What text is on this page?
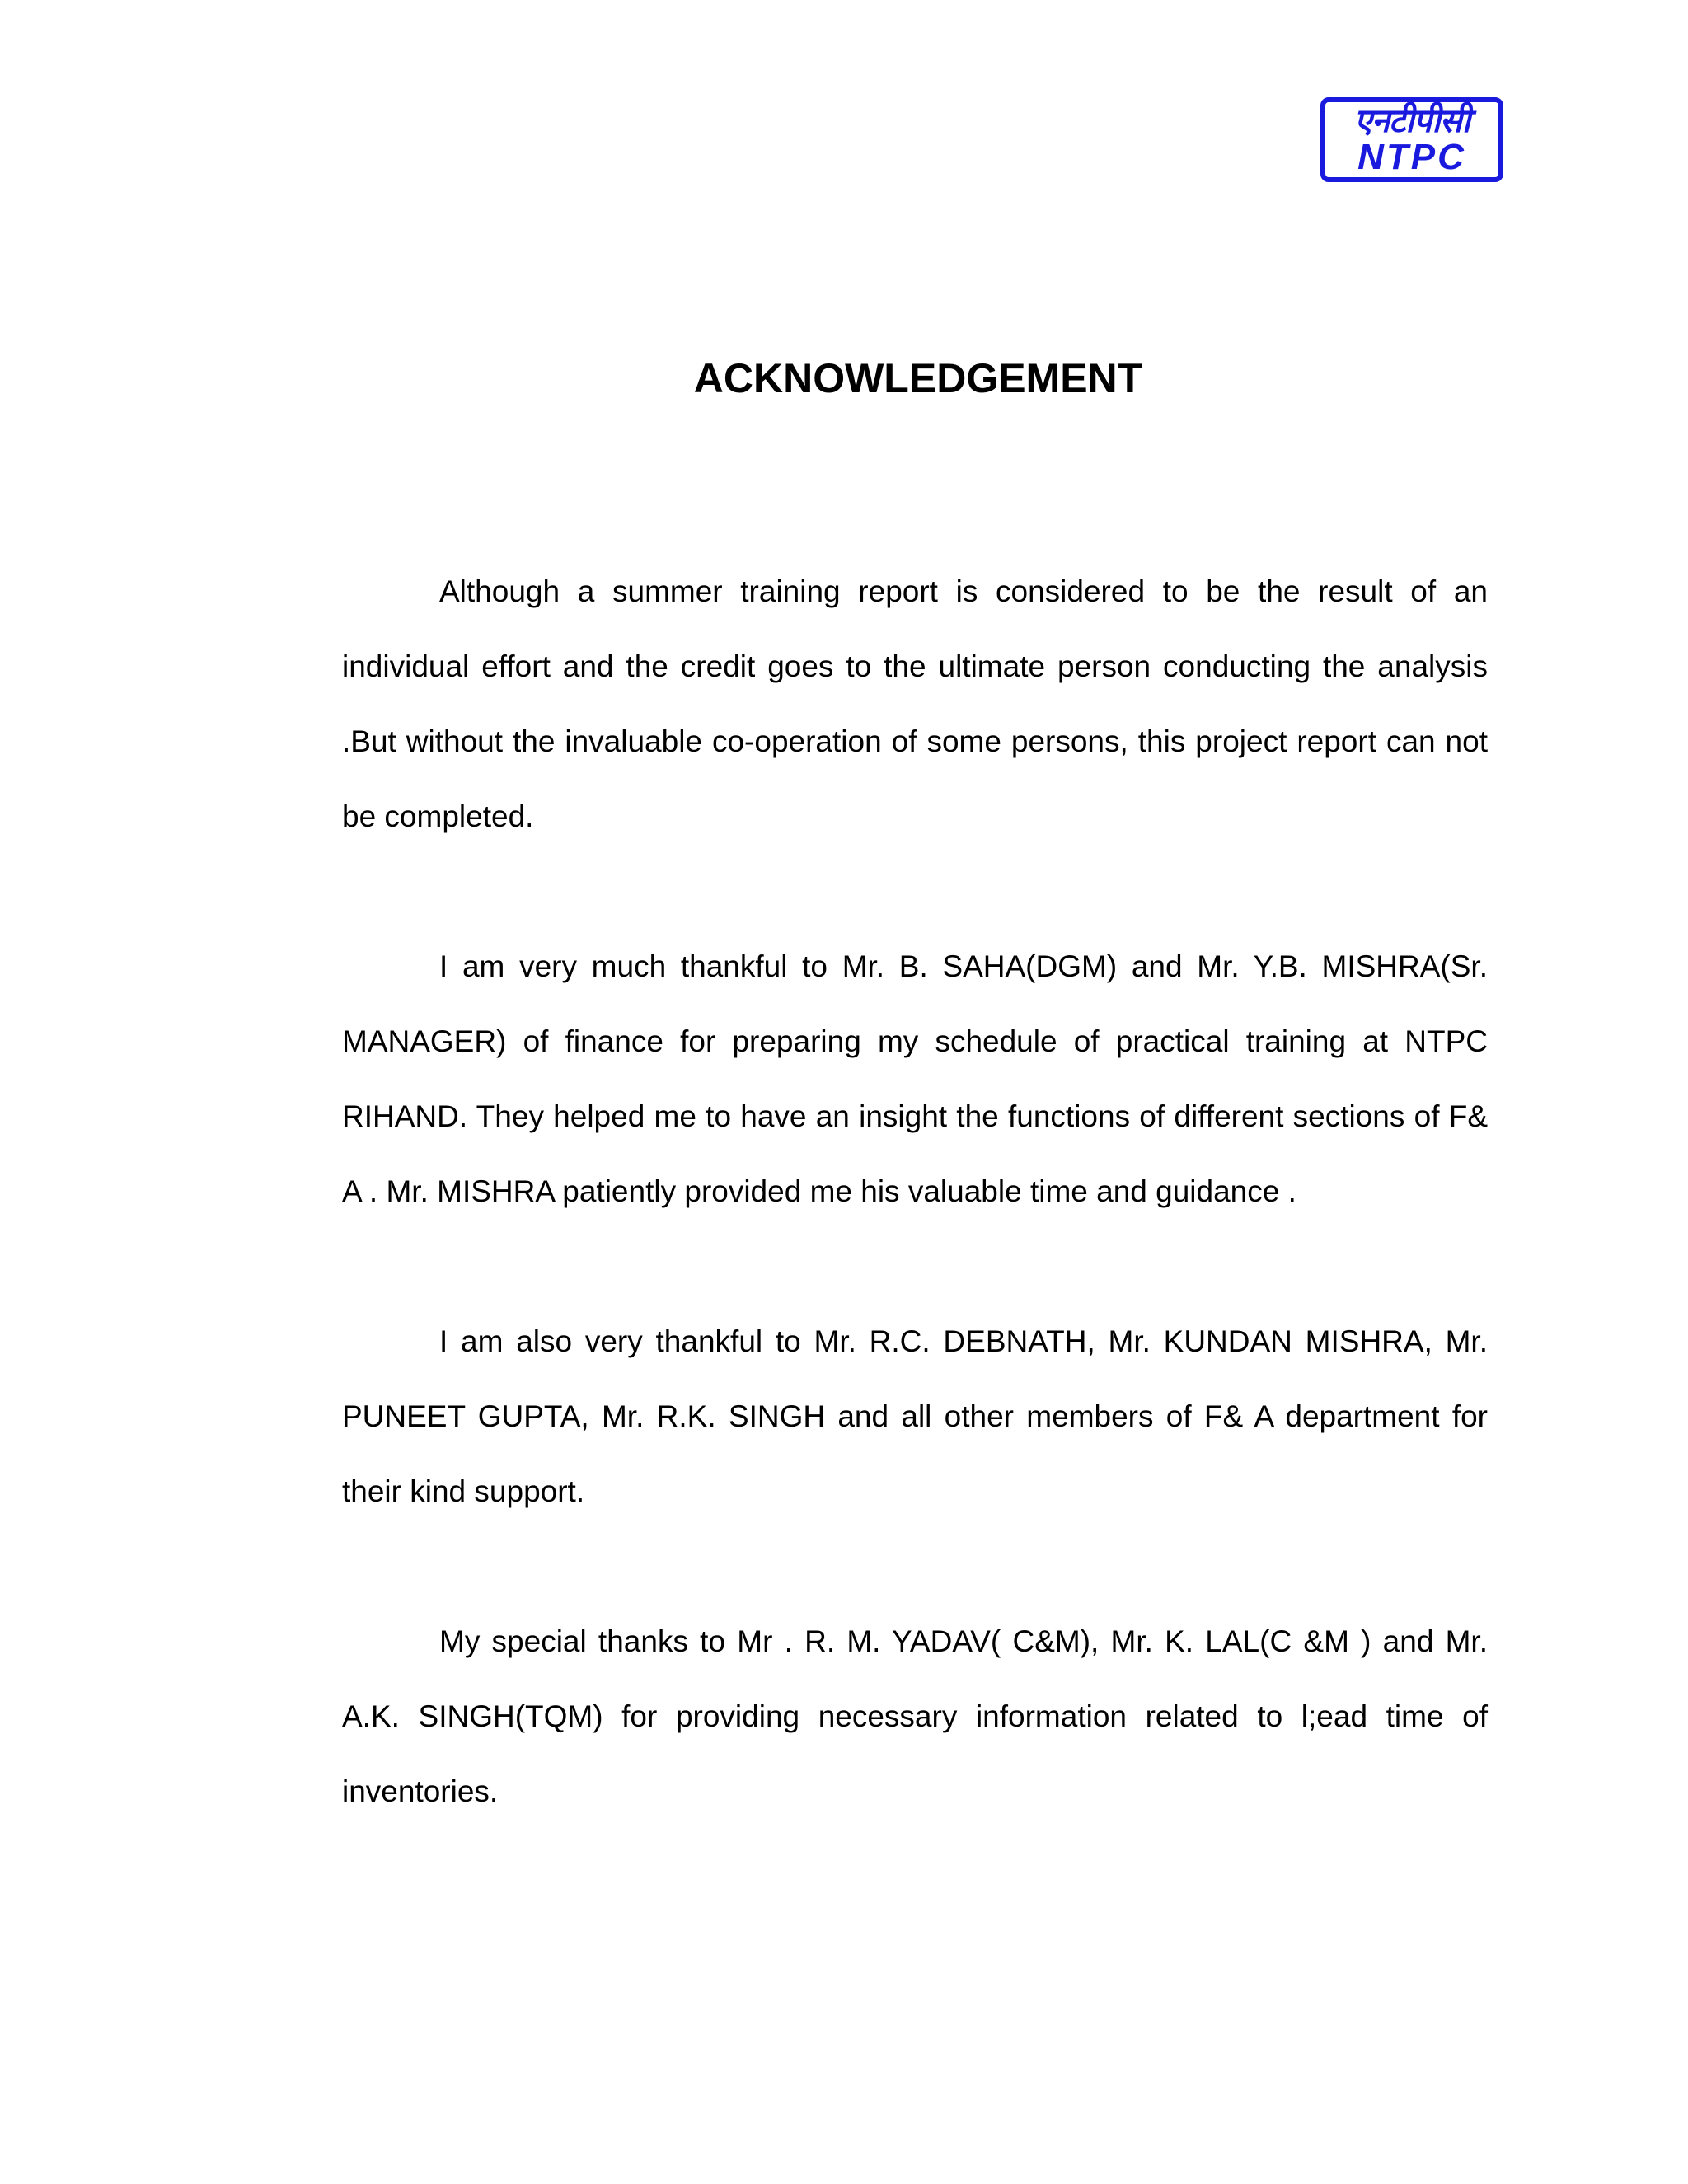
एनटीपीसी
NTPC
ACKNOWLEDGEMENT

Although a summer training report is considered to be the result of an individual effort and the credit goes to the ultimate person conducting the analysis .But without the invaluable co-operation of some persons, this project report can not be completed.

I am very much thankful to Mr. B. SAHA(DGM) and Mr. Y.B. MISHRA(Sr. MANAGER) of finance for preparing my schedule of practical training at NTPC RIHAND. They helped me to have an insight the functions of different sections of F& A . Mr. MISHRA patiently provided me his valuable time and guidance .

I am also very thankful to Mr. R.C. DEBNATH, Mr. KUNDAN MISHRA, Mr. PUNEET GUPTA, Mr. R.K. SINGH and all other members of F& A department for their kind support.

My special thanks to Mr . R. M. YADAV( C&M), Mr. K. LAL(C &M ) and Mr. A.K. SINGH(TQM) for providing necessary information related to l;ead time of inventories.
